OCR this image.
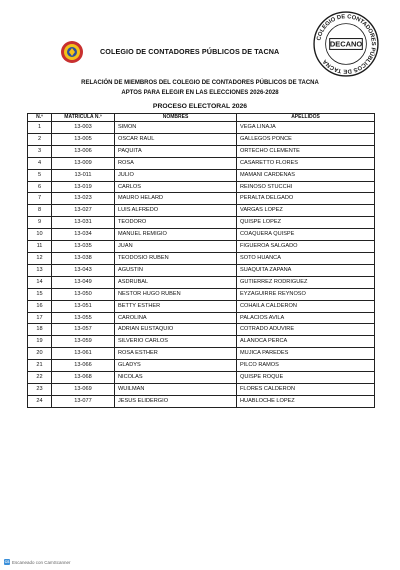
COLEGIO DE CONTADORES PÚBLICOS DE TACNA
COLEGIO DE CONTADORES PÚBLICOS DE TACNA
DECANO
RELACIÓN DE MIEMBROS DEL COLEGIO DE CONTADORES PÚBLICOS DE TACNA
APTOS PARA ELEGIR EN LAS ELECCIONES 2026-2028
PROCESO ELECTORAL 2026
N.º	MATRÍCULA N.º	NOMBRES	APELLIDOS
1	13-003	SIMON	VEGA LINAJA
2	13-005	OSCAR RAUL	GALLEGOS PONCE
3	13-006	PAQUITA	ORTECHO CLEMENTE
4	13-009	ROSA	CASARETTO FLORES
5	13-011	JULIO	MAMANI CARDENAS
6	13-019	CARLOS	REINOSO STUCCHI
7	13-023	MAURO HELARD	PERALTA DELGADO
8	13-027	LUIS ALFREDO	VARGAS LOPEZ
9	13-031	TEODORO	QUISPE LOPEZ
10	13-034	MANUEL REMIGIO	COAQUERA QUISPE
11	13-035	JUAN	FIGUEROA SALGADO
12	13-038	TEODOSIO RUBEN	SOTO HUANCA
13	13-043	AGUSTIN	SUAQUITA ZAPANA
14	13-049	ASDRUBAL	GUTIERREZ RODRIGUEZ
15	13-050	NESTOR HUGO RUBEN	EYZAGUIRRE REYNOSO
16	13-051	BETTY ESTHER	COHAILA CALDERON
17	13-055	CAROLINA	PALACIOS AVILA
18	13-057	ADRIAN EUSTAQUIO	COTRADO ADUVIRE
19	13-059	SILVERIO CARLOS	ALANOCA PERCA
20	13-061	ROSA ESTHER	MUJICA PAREDES
21	13-066	GLADYS	PILCO RAMOS
22	13-068	NICOLAS	QUISPE ROQUE
23	13-069	WUILMAN	FLORES CALDERON
24	13-077	JESUS ELIDERGIO	HUABLOCHE LOPEZ
CS Escaneado con CamScanner
